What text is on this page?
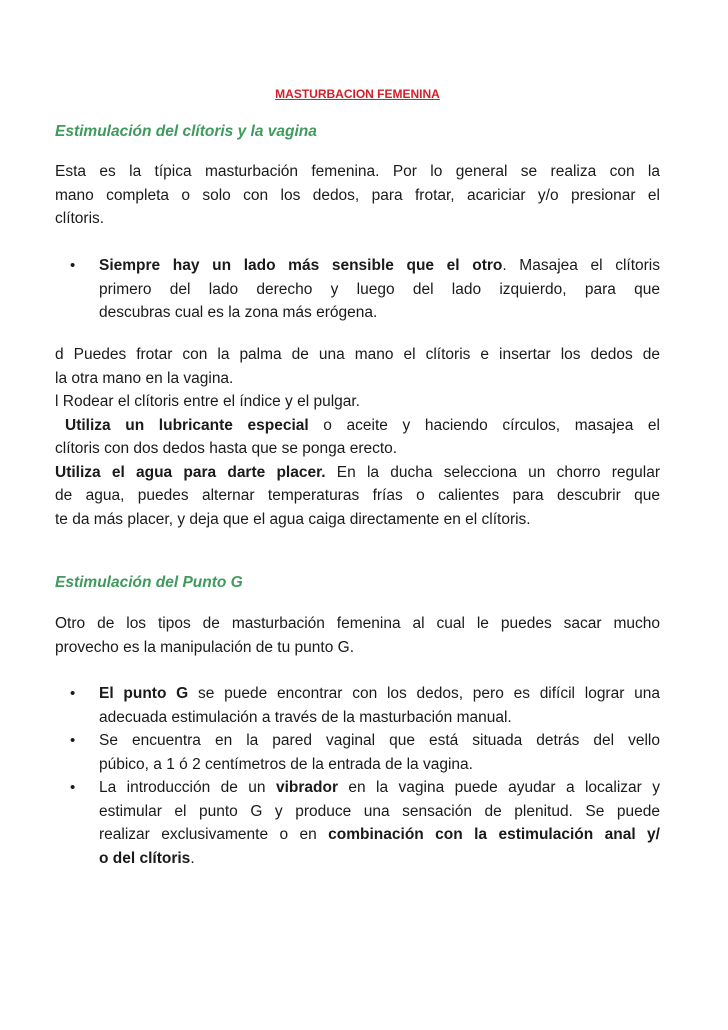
MASTURBACION FEMENINA
Estimulación del clítoris y la vagina
Esta es la típica masturbación femenina. Por lo general se realiza con la
mano completa o solo con los dedos, para frotar, acariciar y/o presionar el
clítoris.
• Siempre hay un lado más sensible que el otro. Masajea el clítoris
primero del lado derecho y luego del lado izquierdo, para que
descubras cual es la zona más erógena.
d Puedes frotar con la palma de una mano el clítoris e insertar los dedos de
la otra mano en la vagina.
l Rodear el clítoris entre el índice y el pulgar.
Utiliza un lubricante especial o aceite y haciendo círculos, masajea el
clítoris con dos dedos hasta que se ponga erecto.
Utiliza el agua para darte placer. En la ducha selecciona un chorro regular
de agua, puedes alternar temperaturas frías o calientes para descubrir que
te da más placer, y deja que el agua caiga directamente en el clítoris.
Estimulación del Punto G
Otro de los tipos de masturbación femenina al cual le puedes sacar mucho
provecho es la manipulación de tu punto G.
• El punto G se puede encontrar con los dedos, pero es difícil lograr una
adecuada estimulación a través de la masturbación manual.
• Se encuentra en la pared vaginal que está situada detrás del vello
púbico, a 1 ó 2 centímetros de la entrada de la vagina.
• La introducción de un vibrador en la vagina puede ayudar a localizar y
estimular el punto G y produce una sensación de plenitud. Se puede
realizar exclusivamente o en combinación con la estimulación anal y/
o del clítoris.
